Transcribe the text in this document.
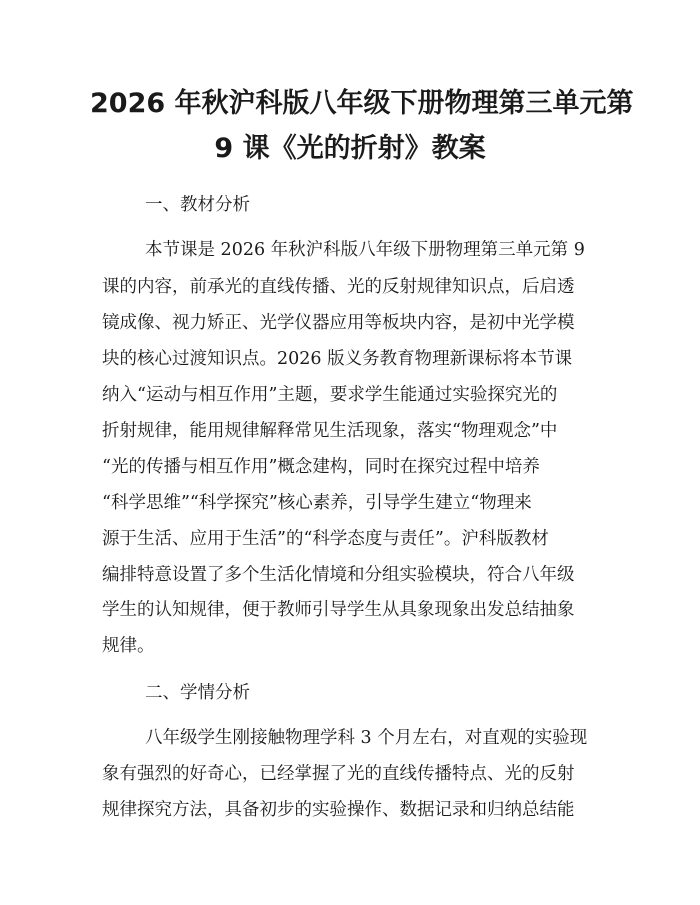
2026 年秋沪科版八年级下册物理第三单元第
9 课《光的折射》教案
一、教材分析
本节课是 2026 年秋沪科版八年级下册物理第三单元第 9
课的内容，前承光的直线传播、光的反射规律知识点，后启透
镜成像、视力矫正、光学仪器应用等板块内容，是初中光学模
块的核心过渡知识点。2026 版义务教育物理新课标将本节课
纳入“运动与相互作用”主题，要求学生能通过实验探究光的
折射规律，能用规律解释常见生活现象，落实“物理观念”中
“光的传播与相互作用”概念建构，同时在探究过程中培养
“科学思维”“科学探究”核心素养，引导学生建立“物理来
源于生活、应用于生活”的“科学态度与责任”。沪科版教材
编排特意设置了多个生活化情境和分组实验模块，符合八年级
学生的认知规律，便于教师引导学生从具象现象出发总结抽象
规律。
二、学情分析
八年级学生刚接触物理学科 3 个月左右，对直观的实验现
象有强烈的好奇心，已经掌握了光的直线传播特点、光的反射
规律探究方法，具备初步的实验操作、数据记录和归纳总结能
